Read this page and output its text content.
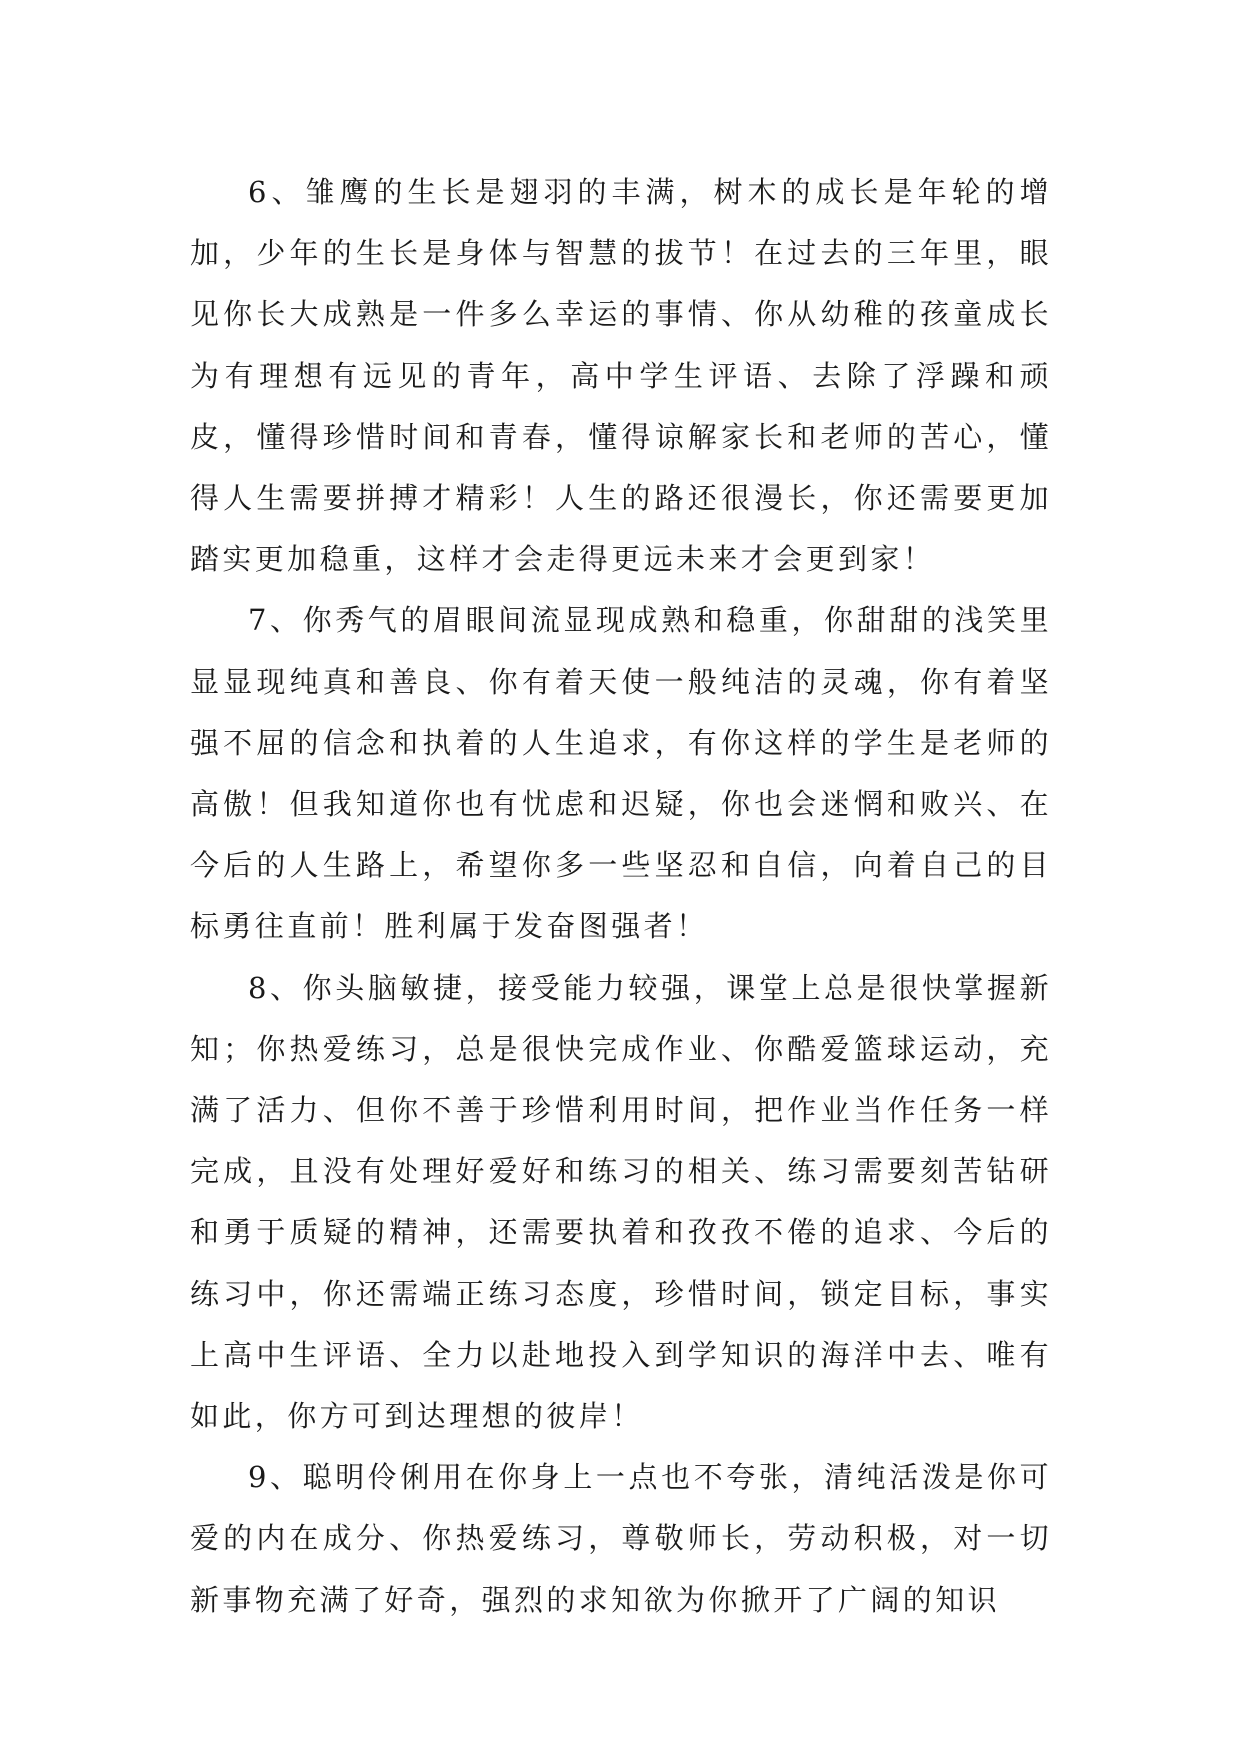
6、雏鹰的生长是翅羽的丰满，树木的成长是年轮的增加，少年的生长是身体与智慧的拔节！在过去的三年里，眼见你长大成熟是一件多么幸运的事情、你从幼稚的孩童成长为有理想有远见的青年，高中学生评语、去除了浮躁和顽皮，懂得珍惜时间和青春，懂得谅解家长和老师的苦心，懂得人生需要拼搏才精彩！人生的路还很漫长，你还需要更加踏实更加稳重，这样才会走得更远未来才会更到家！

7、你秀气的眉眼间流显现成熟和稳重，你甜甜的浅笑里显显现纯真和善良、你有着天使一般纯洁的灵魂，你有着坚强不屈的信念和执着的人生追求，有你这样的学生是老师的高傲！但我知道你也有忧虑和迟疑，你也会迷惘和败兴、在今后的人生路上，希望你多一些坚忍和自信，向着自己的目标勇往直前！胜利属于发奋图强者！

8、你头脑敏捷，接受能力较强，课堂上总是很快掌握新知；你热爱练习，总是很快完成作业、你酷爱篮球运动，充满了活力、但你不善于珍惜利用时间，把作业当作任务一样完成，且没有处理好爱好和练习的相关、练习需要刻苦钻研和勇于质疑的精神，还需要执着和孜孜不倦的追求、今后的练习中，你还需端正练习态度，珍惜时间，锁定目标，事实上高中生评语、全力以赴地投入到学知识的海洋中去、唯有如此，你方可到达理想的彼岸！

9、聪明伶俐用在你身上一点也不夸张，清纯活泼是你可爱的内在成分、你热爱练习，尊敬师长，劳动积极，对一切新事物充满了好奇，强烈的求知欲为你掀开了广阔的知识
